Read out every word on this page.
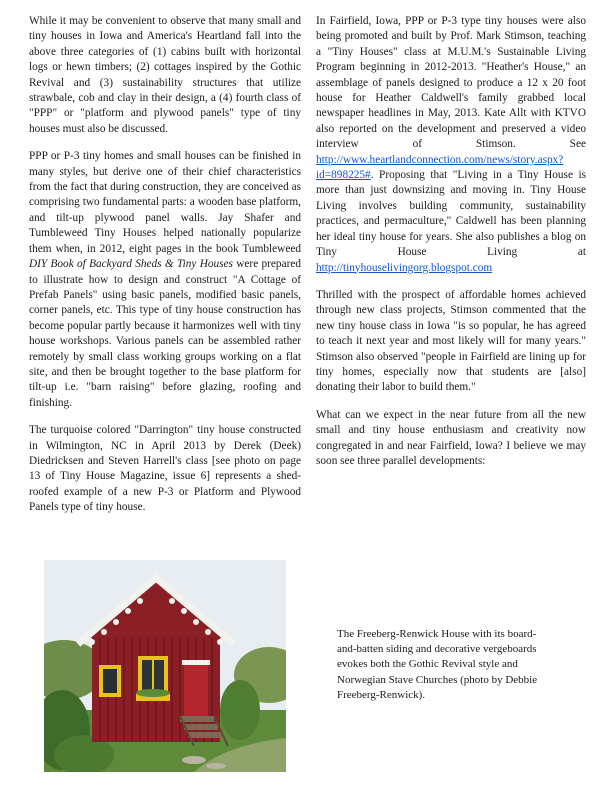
While it may be convenient to observe that many small and tiny houses in Iowa and America's Heartland fall into the above three categories of (1) cabins built with horizontal logs or hewn timbers; (2) cottages inspired by the Gothic Revival and (3) sustainability structures that utilize strawbale, cob and clay in their design, a (4) fourth class of "PPP" or "platform and plywood panels" type of tiny houses must also be discussed.

PPP or P-3 tiny homes and small houses can be finished in many styles, but derive one of their chief characteristics from the fact that during construction, they are conceived as comprising two fundamental parts: a wooden base platform, and tilt-up plywood panel walls. Jay Shafer and Tumbleweed Tiny Houses helped nationally popularize them when, in 2012, eight pages in the book Tumbleweed DIY Book of Backyard Sheds & Tiny Houses were prepared to illustrate how to design and construct "A Cottage of Prefab Panels" using basic panels, modified basic panels, corner panels, etc. This type of tiny house construction has become popular partly because it harmonizes well with tiny house workshops. Various panels can be assembled rather remotely by small class working groups working on a flat site, and then be brought together to the base platform for tilt-up i.e. "barn raising" before glazing, roofing and finishing.

The turquoise colored "Darrington" tiny house constructed in Wilmington, NC in April 2013 by Derek (Deek) Diedricksen and Steven Harrell's class [see photo on page 13 of Tiny House Magazine, issue 6] represents a shed-roofed example of a new P-3 or Platform and Plywood Panels type of tiny house.

In Fairfield, Iowa, PPP or P-3 type tiny houses were also being promoted and built by Prof. Mark Stimson, teaching a "Tiny Houses" class at M.U.M.'s Sustainable Living Program beginning in 2012-2013. "Heather's House," an assemblage of panels designed to produce a 12 x 20 foot house for Heather Caldwell's family grabbed local newspaper headlines in May, 2013. Kate Allt with KTVO also reported on the development and preserved a video interview of Stimson. See http://www.heartlandconnection.com/news/story.aspx?id=898225#. Proposing that "Living in a Tiny House is more than just downsizing and moving in. Tiny House Living involves building community, sustainability practices, and permaculture," Caldwell has been planning her ideal tiny house for years. She also publishes a blog on Tiny House Living at http://tinyhouselivingorg.blogspot.com

Thrilled with the prospect of affordable homes achieved through new class projects, Stimson commented that the new tiny house class in Iowa "is so popular, he has agreed to teach it next year and most likely will for many years." Stimson also observed "people in Fairfield are lining up for tiny homes, especially now that students are [also] donating their labor to build them."

What can we expect in the near future from all the new small and tiny house enthusiasm and creativity now congregated in and near Fairfield, Iowa? I believe we may soon see three parallel developments:

The Freeberg-Renwick House with its board-and-batten siding and decorative vergeboards evokes both the Gothic Revival style and Norwegian Stave Churches (photo by Debbie Freeberg-Renwick).
